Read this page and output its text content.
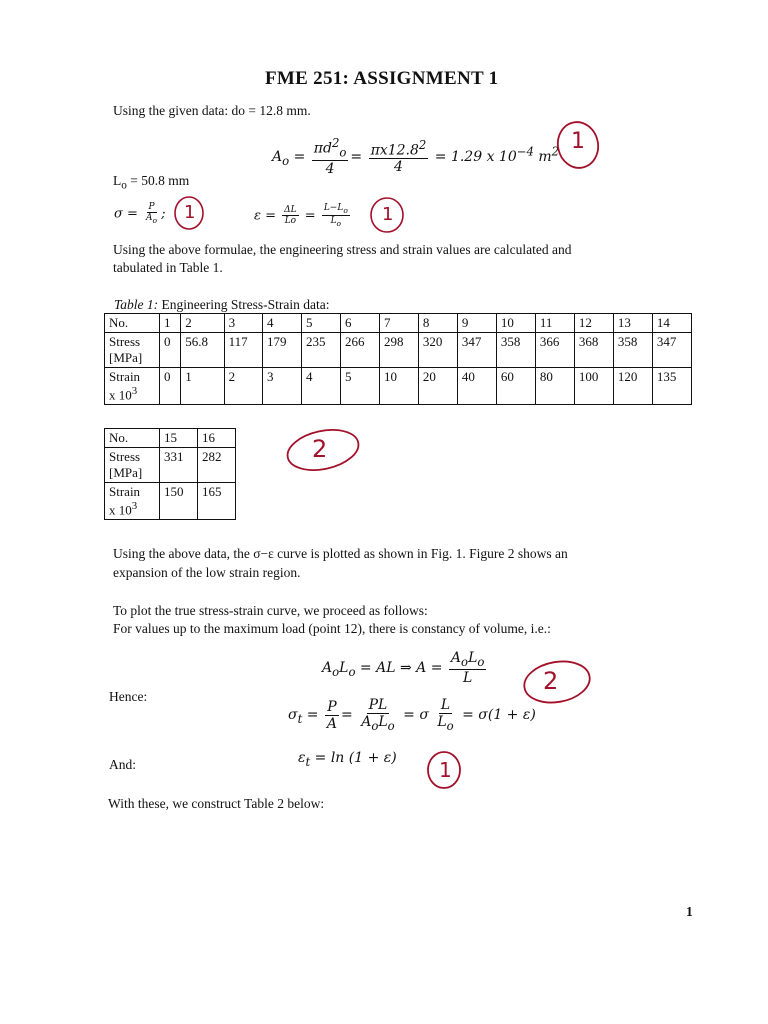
FME 251: ASSIGNMENT 1
Using the given data: do = 12.8 mm.
$A_o = \frac{\pi d^2_o}{4} = \frac{\pi x12.8^2}{4} = 1.29$ x $10^{-4}$ $m^2$
$L_o = 50.8$ mm
$\sigma = \frac{P}{A_o}$ ;	$\varepsilon = \frac{\Delta L}{Lo} = \frac{L-L_o}{L_o}$
Using the above formulae, the engineering stress and strain values are calculated and
tabulated in Table 1.
Table 1: Engineering Stress-Strain data:
No.	1	2	3	4	5	6	7	8	9	10	11	12	13	14
Stress
[MPa]	0	56.8	117	179	235	266	298	320	347	358	366	368	358	347
Strain
x $10^3$	0	1	2	3	4	5	10	20	40	60	80	100	120	135
No.	15	16
Stress
[MPa]	331	282
Strain
x $10^3$	150	165
Using the above data, the σ−ε curve is plotted as shown in Fig. 1. Figure 2 shows an
expansion of the low strain region.
To plot the true stress-strain curve, we proceed as follows:
For values up to the maximum load (point 12), there is constancy of volume, i.e.:
$A_oL_o$ = AL ⇒ $A = \frac{A_oL_o}{L}$
Hence:
$\sigma_t = \frac{P}{A} = \frac{PL}{A_oL_o} = \sigma \frac{L}{L_o} = \sigma(1 + \varepsilon)$
And:	$\varepsilon_t = \ln (1 + \varepsilon)$
With these, we construct Table 2 below:
1
1
1	1
2
2
1
